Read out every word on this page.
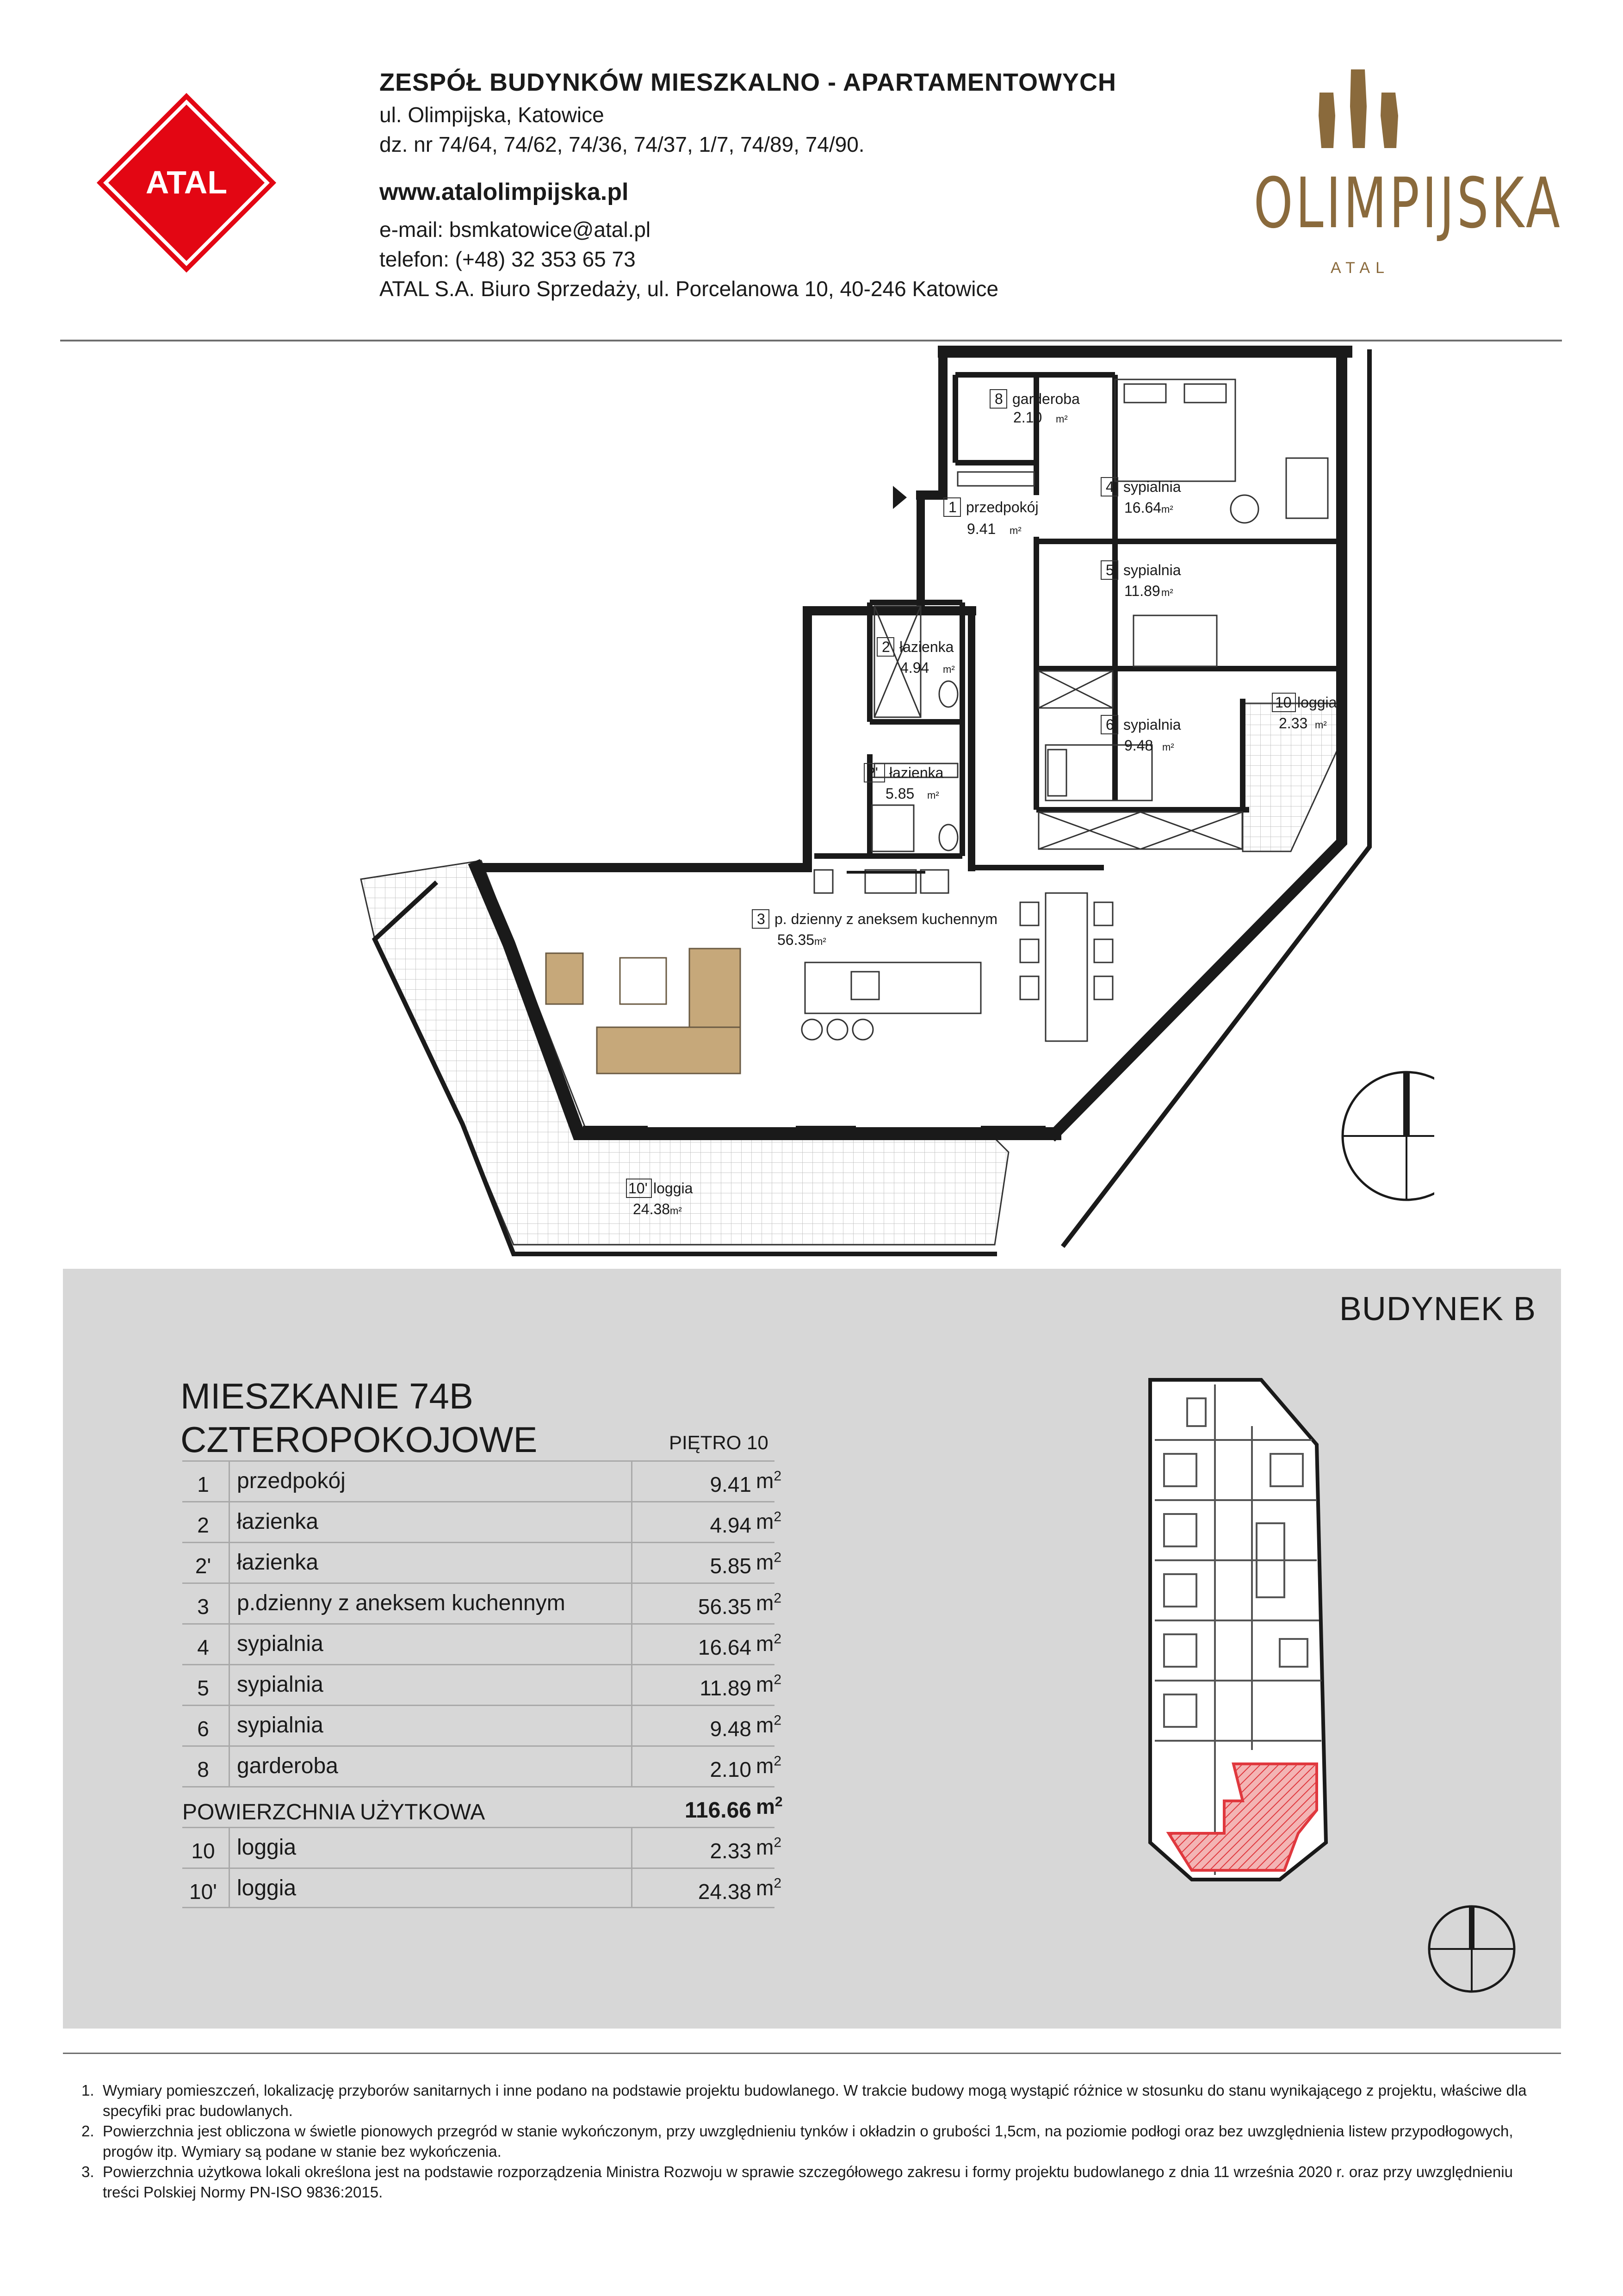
ATAL
ZESPÓŁ BUDYNKÓW MIESZKALNO - APARTAMENTOWYCH
ul. Olimpijska, Katowice
dz. nr 74/64, 74/62, 74/36, 74/37, 1/7, 74/89, 74/90.
www.atalolimpijska.pl
e-mail: bsmkatowice@atal.pl
telefon: (+48) 32 353 65 73
ATAL S.A. Biuro Sprzedaży, ul. Porcelanowa 10, 40-246 Katowice
OLIMPIJSKA
ATAL
8 garderoba
2.10 m²
1 przedpokój
9.41 m²
4 sypialnia
16.64 m²
5 sypialnia
11.89 m²
2 łazienka
4.94 m²
10 loggia
2.33 m²
6 sypialnia
9.48 m²
2' łazienka
5.85 m²
3 p. dzienny z aneksem kuchennym
56.35 m²
10' loggia
24.38 m²
BUDYNEK B
MIESZKANIE 74B
CZTEROPOKOJOWE	PIĘTRO 10
1	przedpokój	9.41 $m^2$
2	łazienka	4.94 $m^2$
2'	łazienka	5.85 $m^2$
3	p.dzienny z aneksem kuchennym	56.35 $m^2$
4	sypialnia	16.64 $m^2$
5	sypialnia	11.89 $m^2$
6	sypialnia	9.48 $m^2$
8	garderoba	2.10 $m^2$
POWIERZCHNIA UŻYTKOWA	116.66 $m^2$
10 loggia	2.33 $m^2$
10' loggia	24.38 $m^2$
1. Wymiary pomieszczeń, lokalizację przyborów sanitarnych i inne podano na podstawie projektu budowlanego. W trakcie budowy mogą wystąpić różnice w stosunku do stanu wynikającego z projektu, właściwe dla specyfiki prac budowlanych.
2. Powierzchnia jest obliczona w świetle pionowych przegród w stanie wykończonym, przy uwzględnieniu tynków i okładzin o grubości 1,5cm, na poziomie podłogi oraz bez uwzględnienia listew przypodłogowych, progów itp. Wymiary są podane w stanie bez wykończenia.
3. Powierzchnia użytkowa lokali określona jest na podstawie rozporządzenia Ministra Rozwoju w sprawie szczegółowego zakresu i formy projektu budowlanego z dnia 11 września 2020 r. oraz przy uwzględnieniu treści Polskiej Normy PN-ISO 9836:2015.
